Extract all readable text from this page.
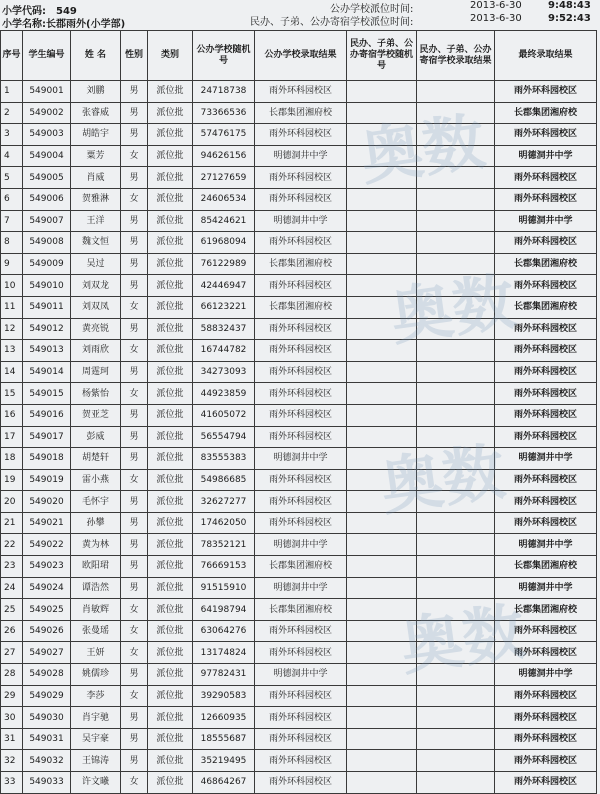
小学代码: 549
小学名称:长郡雨外(小学部)
公办学校派位时间:
民办、子弟、公办寄宿学校派位时间:
2013-6-30
2013-6-30
9:48:43
9:52:43
序号	学生编号	姓 名	性别	类别	公办学校随机号	公办学校录取结果	民办、子弟、公办寄宿学校随机号	民办、子弟、公办寄宿学校录取结果	最终录取结果
1	549001	刘鹏	男	派位批	24718738	雨外环科园校区			雨外环科园校区
2	549002	张睿威	男	派位批	73366536	长郡集团湘府校			长郡集团湘府校
3	549003	胡皓宇	男	派位批	57476175	雨外环科园校区			雨外环科园校区
4	549004	粟芳	女	派位批	94626156	明德洞井中学			明德洞井中学
5	549005	肖威	男	派位批	27127659	雨外环科园校区			雨外环科园校区
6	549006	贺雅淋	女	派位批	24606534	雨外环科园校区			雨外环科园校区
7	549007	王洋	男	派位批	85424621	明德洞井中学			明德洞井中学
8	549008	魏文恒	男	派位批	61968094	雨外环科园校区			雨外环科园校区
9	549009	吴过	男	派位批	76122989	长郡集团湘府校			长郡集团湘府校
10	549010	刘双龙	男	派位批	42446947	雨外环科园校区			雨外环科园校区
11	549011	刘双凤	女	派位批	66123221	长郡集团湘府校			长郡集团湘府校
12	549012	黄亮锐	男	派位批	58832437	雨外环科园校区			雨外环科园校区
13	549013	刘雨欣	女	派位批	16744782	雨外环科园校区			雨外环科园校区
14	549014	周霆珂	男	派位批	34273093	雨外环科园校区			雨外环科园校区
15	549015	杨紫怡	女	派位批	44923859	雨外环科园校区			雨外环科园校区
16	549016	贺亚芝	男	派位批	41605072	雨外环科园校区			雨外环科园校区
17	549017	彭威	男	派位批	56554794	雨外环科园校区			雨外环科园校区
18	549018	胡楚轩	男	派位批	83555383	明德洞井中学			明德洞井中学
19	549019	雷小燕	女	派位批	54986685	雨外环科园校区			雨外环科园校区
20	549020	毛怀宇	男	派位批	32627277	雨外环科园校区			雨外环科园校区
21	549021	孙攀	男	派位批	17462050	雨外环科园校区			雨外环科园校区
22	549022	黄为林	男	派位批	78352121	明德洞井中学			明德洞井中学
23	549023	欧阳珺	男	派位批	76669153	长郡集团湘府校			长郡集团湘府校
24	549024	谭浩然	男	派位批	91515910	明德洞井中学			明德洞井中学
25	549025	肖敏辉	女	派位批	64198794	长郡集团湘府校			长郡集团湘府校
26	549026	张曼瑶	女	派位批	63064276	雨外环科园校区			雨外环科园校区
27	549027	王妍	女	派位批	13174824	雨外环科园校区			雨外环科园校区
28	549028	姚儒珍	男	派位批	97782431	明德洞井中学			明德洞井中学
29	549029	李莎	女	派位批	39290583	雨外环科园校区			雨外环科园校区
30	549030	肖宇驰	男	派位批	12660935	雨外环科园校区			雨外环科园校区
31	549031	吴宇豪	男	派位批	18555687	雨外环科园校区			雨外环科园校区
32	549032	王锦涛	男	派位批	35219495	雨外环科园校区			雨外环科园校区
33	549033	许文曦	女	派位批	46864267	雨外环科园校区			雨外环科园校区
奥数
奥数
奥数
奥数
